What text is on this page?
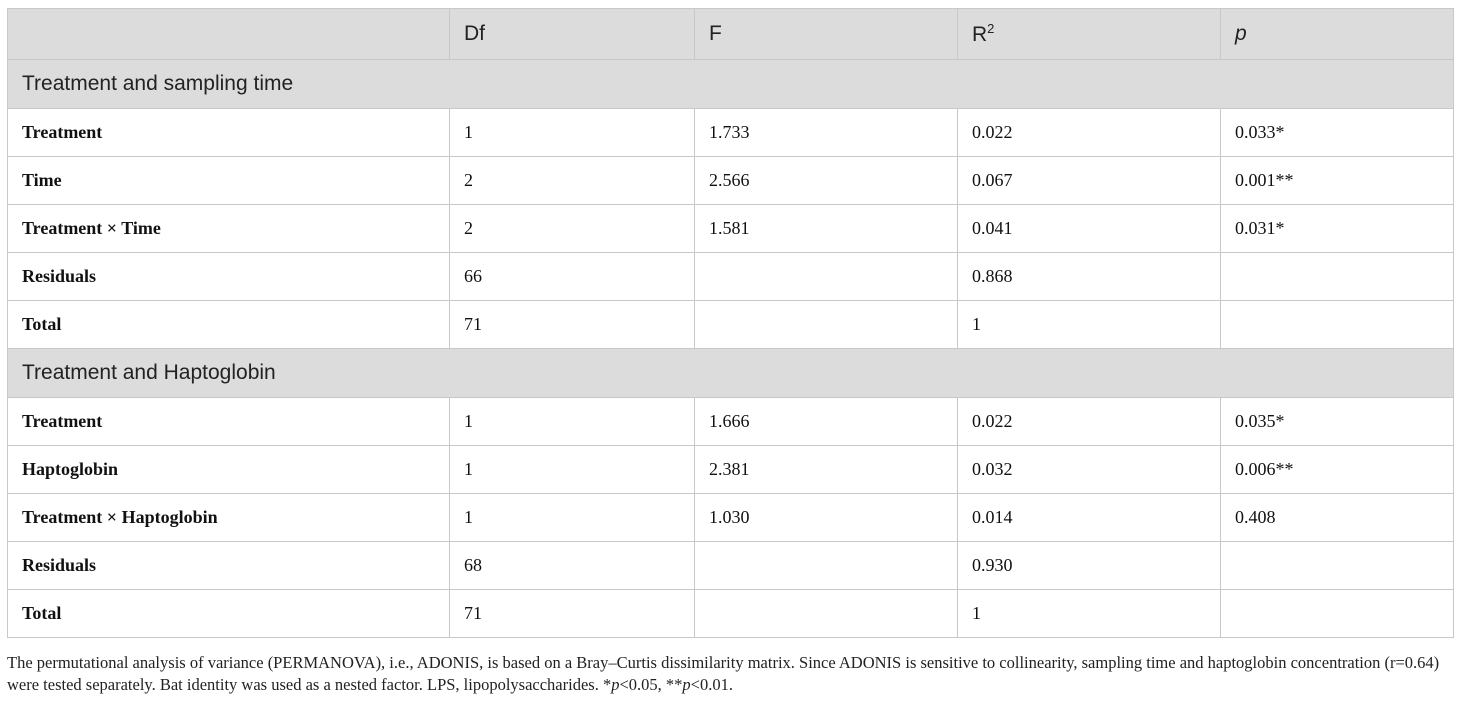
	Df	F	$R^2$	p
Treatment and sampling time				
Treatment	1	1.733	0.022	0.033*
Time	2	2.566	0.067	0.001**
Treatment × Time	2	1.581	0.041	0.031*
Residuals	66		0.868	
Total	71		1	
Treatment and Haptoglobin				
Treatment	1	1.666	0.022	0.035*
Haptoglobin	1	2.381	0.032	0.006**
Treatment × Haptoglobin	1	1.030	0.014	0.408
Residuals	68		0.930	
Total	71		1	
The permutational analysis of variance (PERMANOVA), i.e., ADONIS, is based on a Bray–Curtis dissimilarity matrix. Since ADONIS is sensitive to collinearity, sampling time and haptoglobin concentration (r=0.64) were tested separately. Bat identity was used as a nested factor. LPS, lipopolysaccharides. *p<0.05, **p<0.01.
